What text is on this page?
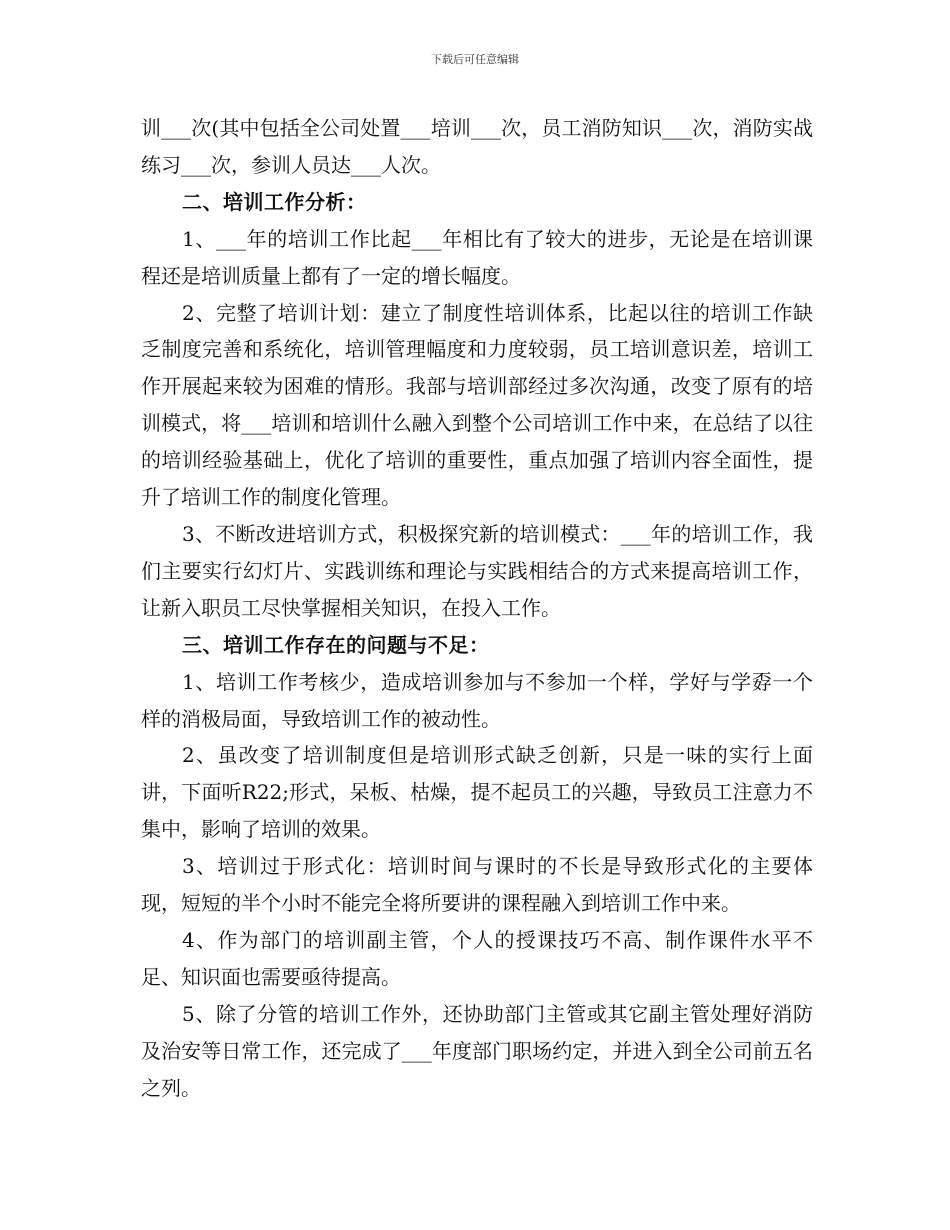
下载后可任意编辑

训___次(其中包括全公司处置___培训___次，员工消防知识___次，消防实战练习___次，参训人员达___人次。

二、培训工作分析：

1、___年的培训工作比起___年相比有了较大的进步，无论是在培训课程还是培训质量上都有了一定的增长幅度。

2、完整了培训计划：建立了制度性培训体系，比起以往的培训工作缺乏制度完善和系统化，培训管理幅度和力度较弱，员工培训意识差，培训工作开展起来较为困难的情形。我部与培训部经过多次沟通，改变了原有的培训模式，将___培训和培训什么融入到整个公司培训工作中来，在总结了以往的培训经验基础上，优化了培训的重要性，重点加强了培训内容全面性，提升了培训工作的制度化管理。

3、不断改进培训方式，积极探究新的培训模式：___年的培训工作，我们主要实行幻灯片、实践训练和理论与实践相结合的方式来提高培训工作，让新入职员工尽快掌握相关知识，在投入工作。

三、培训工作存在的问题与不足：

1、培训工作考核少，造成培训参加与不参加一个样，学好与学孬一个样的消极局面，导致培训工作的被动性。

2、虽改变了培训制度但是培训形式缺乏创新，只是一味的实行上面讲，下面听R22;形式，呆板、枯燥，提不起员工的兴趣，导致员工注意力不集中，影响了培训的效果。

3、培训过于形式化：培训时间与课时的不长是导致形式化的主要体现，短短的半个小时不能完全将所要讲的课程融入到培训工作中来。

4、作为部门的培训副主管，个人的授课技巧不高、制作课件水平不足、知识面也需要亟待提高。

5、除了分管的培训工作外，还协助部门主管或其它副主管处理好消防及治安等日常工作，还完成了___年度部门职场约定，并进入到全公司前五名之列。
